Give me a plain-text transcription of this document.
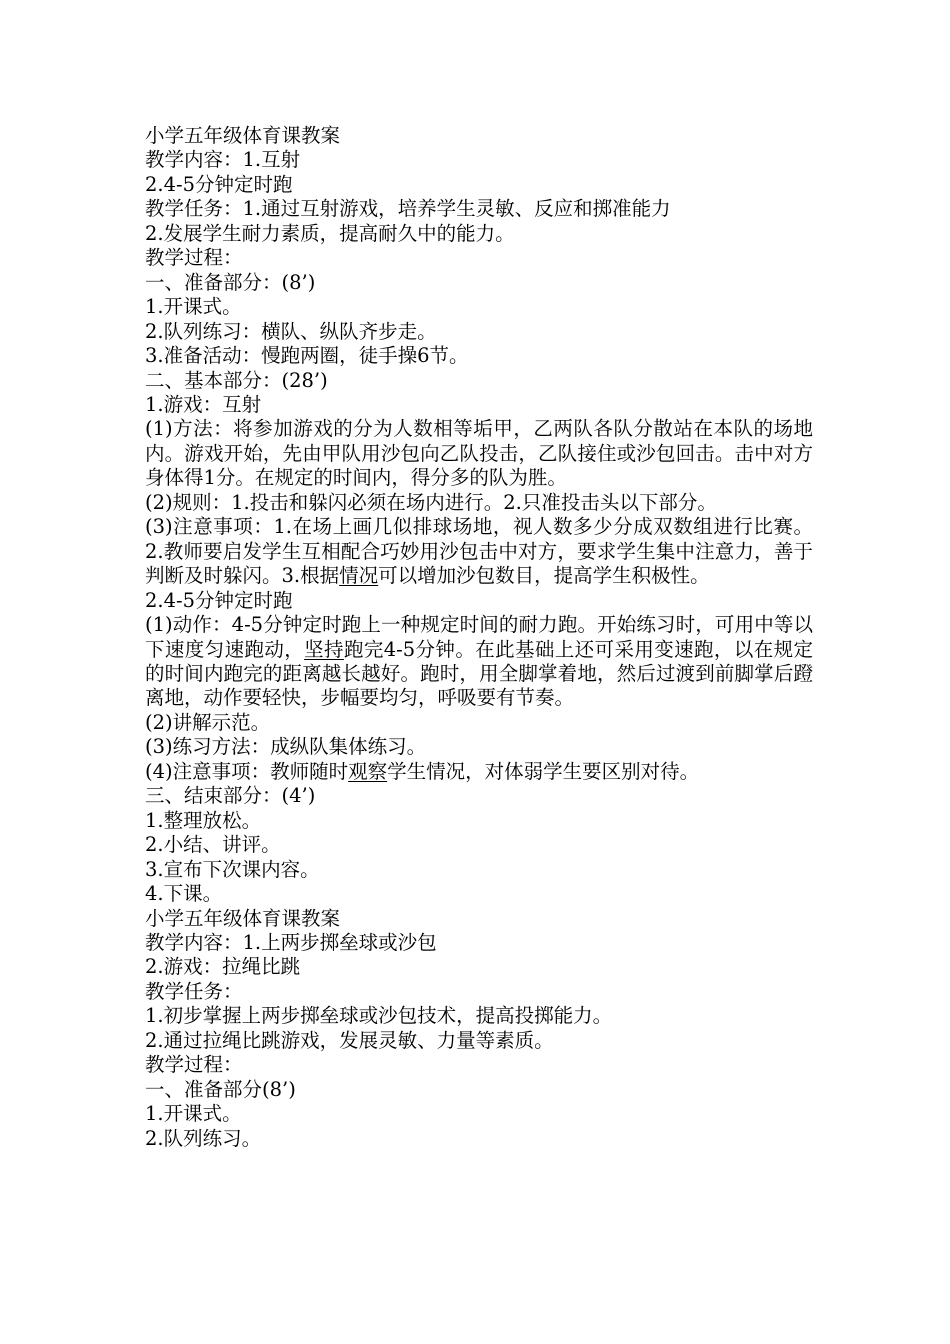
小学五年级体育课教案
教学内容：1.互射
2.4-5分钟定时跑
教学任务：1.通过互射游戏，培养学生灵敏、反应和掷准能力
2.发展学生耐力素质，提高耐久中的能力。
教学过程：
一、准备部分：(8’)
1.开课式。
2.队列练习：横队、纵队齐步走。
3.准备活动：慢跑两圈，徒手操6节。
二、基本部分：(28’)
1.游戏：互射
(1)方法：将参加游戏的分为人数相等垢甲，乙两队各队分散站在本队的场地内。游戏开始，先由甲队用沙包向乙队投击，乙队接住或沙包回击。击中对方身体得1分。在规定的时间内，得分多的队为胜。
(2)规则：1.投击和躲闪必须在场内进行。2.只准投击头以下部分。
(3)注意事项：1.在场上画几似排球场地，视人数多少分成双数组进行比赛。2.教师要启发学生互相配合巧妙用沙包击中对方，要求学生集中注意力，善于判断及时躲闪。3.根据情况可以增加沙包数目，提高学生积极性。
2.4-5分钟定时跑
(1)动作：4-5分钟定时跑上一种规定时间的耐力跑。开始练习时，可用中等以下速度匀速跑动，坚持跑完4-5分钟。在此基础上还可采用变速跑，以在规定的时间内跑完的距离越长越好。跑时，用全脚掌着地，然后过渡到前脚掌后蹬离地，动作要轻快，步幅要均匀，呼吸要有节奏。
(2)讲解示范。
(3)练习方法：成纵队集体练习。
(4)注意事项：教师随时观察学生情况，对体弱学生要区别对待。
三、结束部分：(4’)
1.整理放松。
2.小结、讲评。
3.宣布下次课内容。
4.下课。
小学五年级体育课教案
教学内容：1.上两步掷垒球或沙包
2.游戏：拉绳比跳
教学任务：
1.初步掌握上两步掷垒球或沙包技术，提高投掷能力。
2.通过拉绳比跳游戏，发展灵敏、力量等素质。
教学过程：
一、准备部分(8’)
1.开课式。
2.队列练习。
